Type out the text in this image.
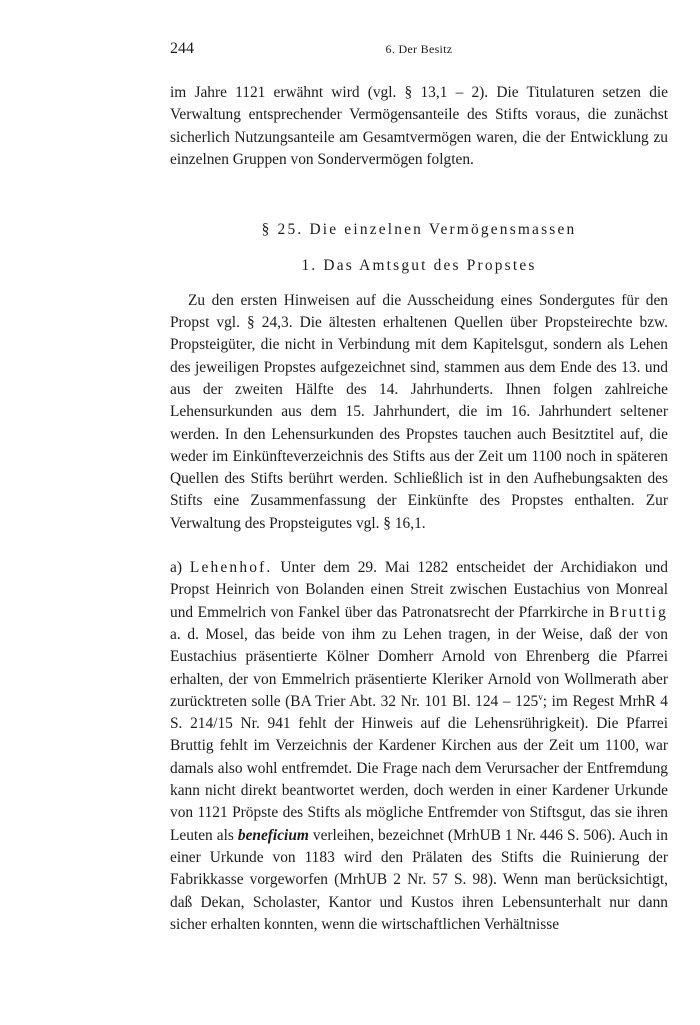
244	6. Der Besitz

im Jahre 1121 erwähnt wird (vgl. § 13,1 – 2). Die Titulaturen setzen die Verwaltung entsprechender Vermögensanteile des Stifts voraus, die zunächst sicherlich Nutzungsanteile am Gesamtvermögen waren, die der Entwicklung zu einzelnen Gruppen von Sondervermögen folgten.

§ 25. Die einzelnen Vermögensmassen

1. Das Amtsgut des Propstes

Zu den ersten Hinweisen auf die Ausscheidung eines Sondergutes für den Propst vgl. § 24,3. Die ältesten erhaltenen Quellen über Propsteirechte bzw. Propsteigüter, die nicht in Verbindung mit dem Kapitelsgut, sondern als Lehen des jeweiligen Propstes aufgezeichnet sind, stammen aus dem Ende des 13. und aus der zweiten Hälfte des 14. Jahrhunderts. Ihnen folgen zahlreiche Lehensurkunden aus dem 15. Jahrhundert, die im 16. Jahrhundert seltener werden. In den Lehensurkunden des Propstes tauchen auch Besitztitel auf, die weder im Einkünfteverzeichnis des Stifts aus der Zeit um 1100 noch in späteren Quellen des Stifts berührt werden. Schließlich ist in den Aufhebungsakten des Stifts eine Zusammenfassung der Einkünfte des Propstes enthalten. Zur Verwaltung des Propsteigutes vgl. § 16,1.

a) Lehenhof. Unter dem 29. Mai 1282 entscheidet der Archidiakon und Propst Heinrich von Bolanden einen Streit zwischen Eustachius von Monreal und Emmelrich von Fankel über das Patronatsrecht der Pfarrkirche in Bruttig a. d. Mosel, das beide von ihm zu Lehen tragen, in der Weise, daß der von Eustachius präsentierte Kölner Domherr Arnold von Ehrenberg die Pfarrei erhalten, der von Emmelrich präsentierte Kleriker Arnold von Wollmerath aber zurücktreten solle (BA Trier Abt. 32 Nr. 101 Bl. 124 – 125$^v$; im Regest MrhR 4 S. 214/15 Nr. 941 fehlt der Hinweis auf die Lehensrührigkeit). Die Pfarrei Bruttig fehlt im Verzeichnis der Kardener Kirchen aus der Zeit um 1100, war damals also wohl entfremdet. Die Frage nach dem Verursacher der Entfremdung kann nicht direkt beantwortet werden, doch werden in einer Kardener Urkunde von 1121 Pröpste des Stifts als mögliche Entfremder von Stiftsgut, das sie ihren Leuten als beneficium verleihen, bezeichnet (MrhUB 1 Nr. 446 S. 506). Auch in einer Urkunde von 1183 wird den Prälaten des Stifts die Ruinierung der Fabrikkasse vorgeworfen (MrhUB 2 Nr. 57 S. 98). Wenn man berücksichtigt, daß Dekan, Scholaster, Kantor und Kustos ihren Lebensunterhalt nur dann sicher erhalten konnten, wenn die wirtschaftlichen Verhältnisse
